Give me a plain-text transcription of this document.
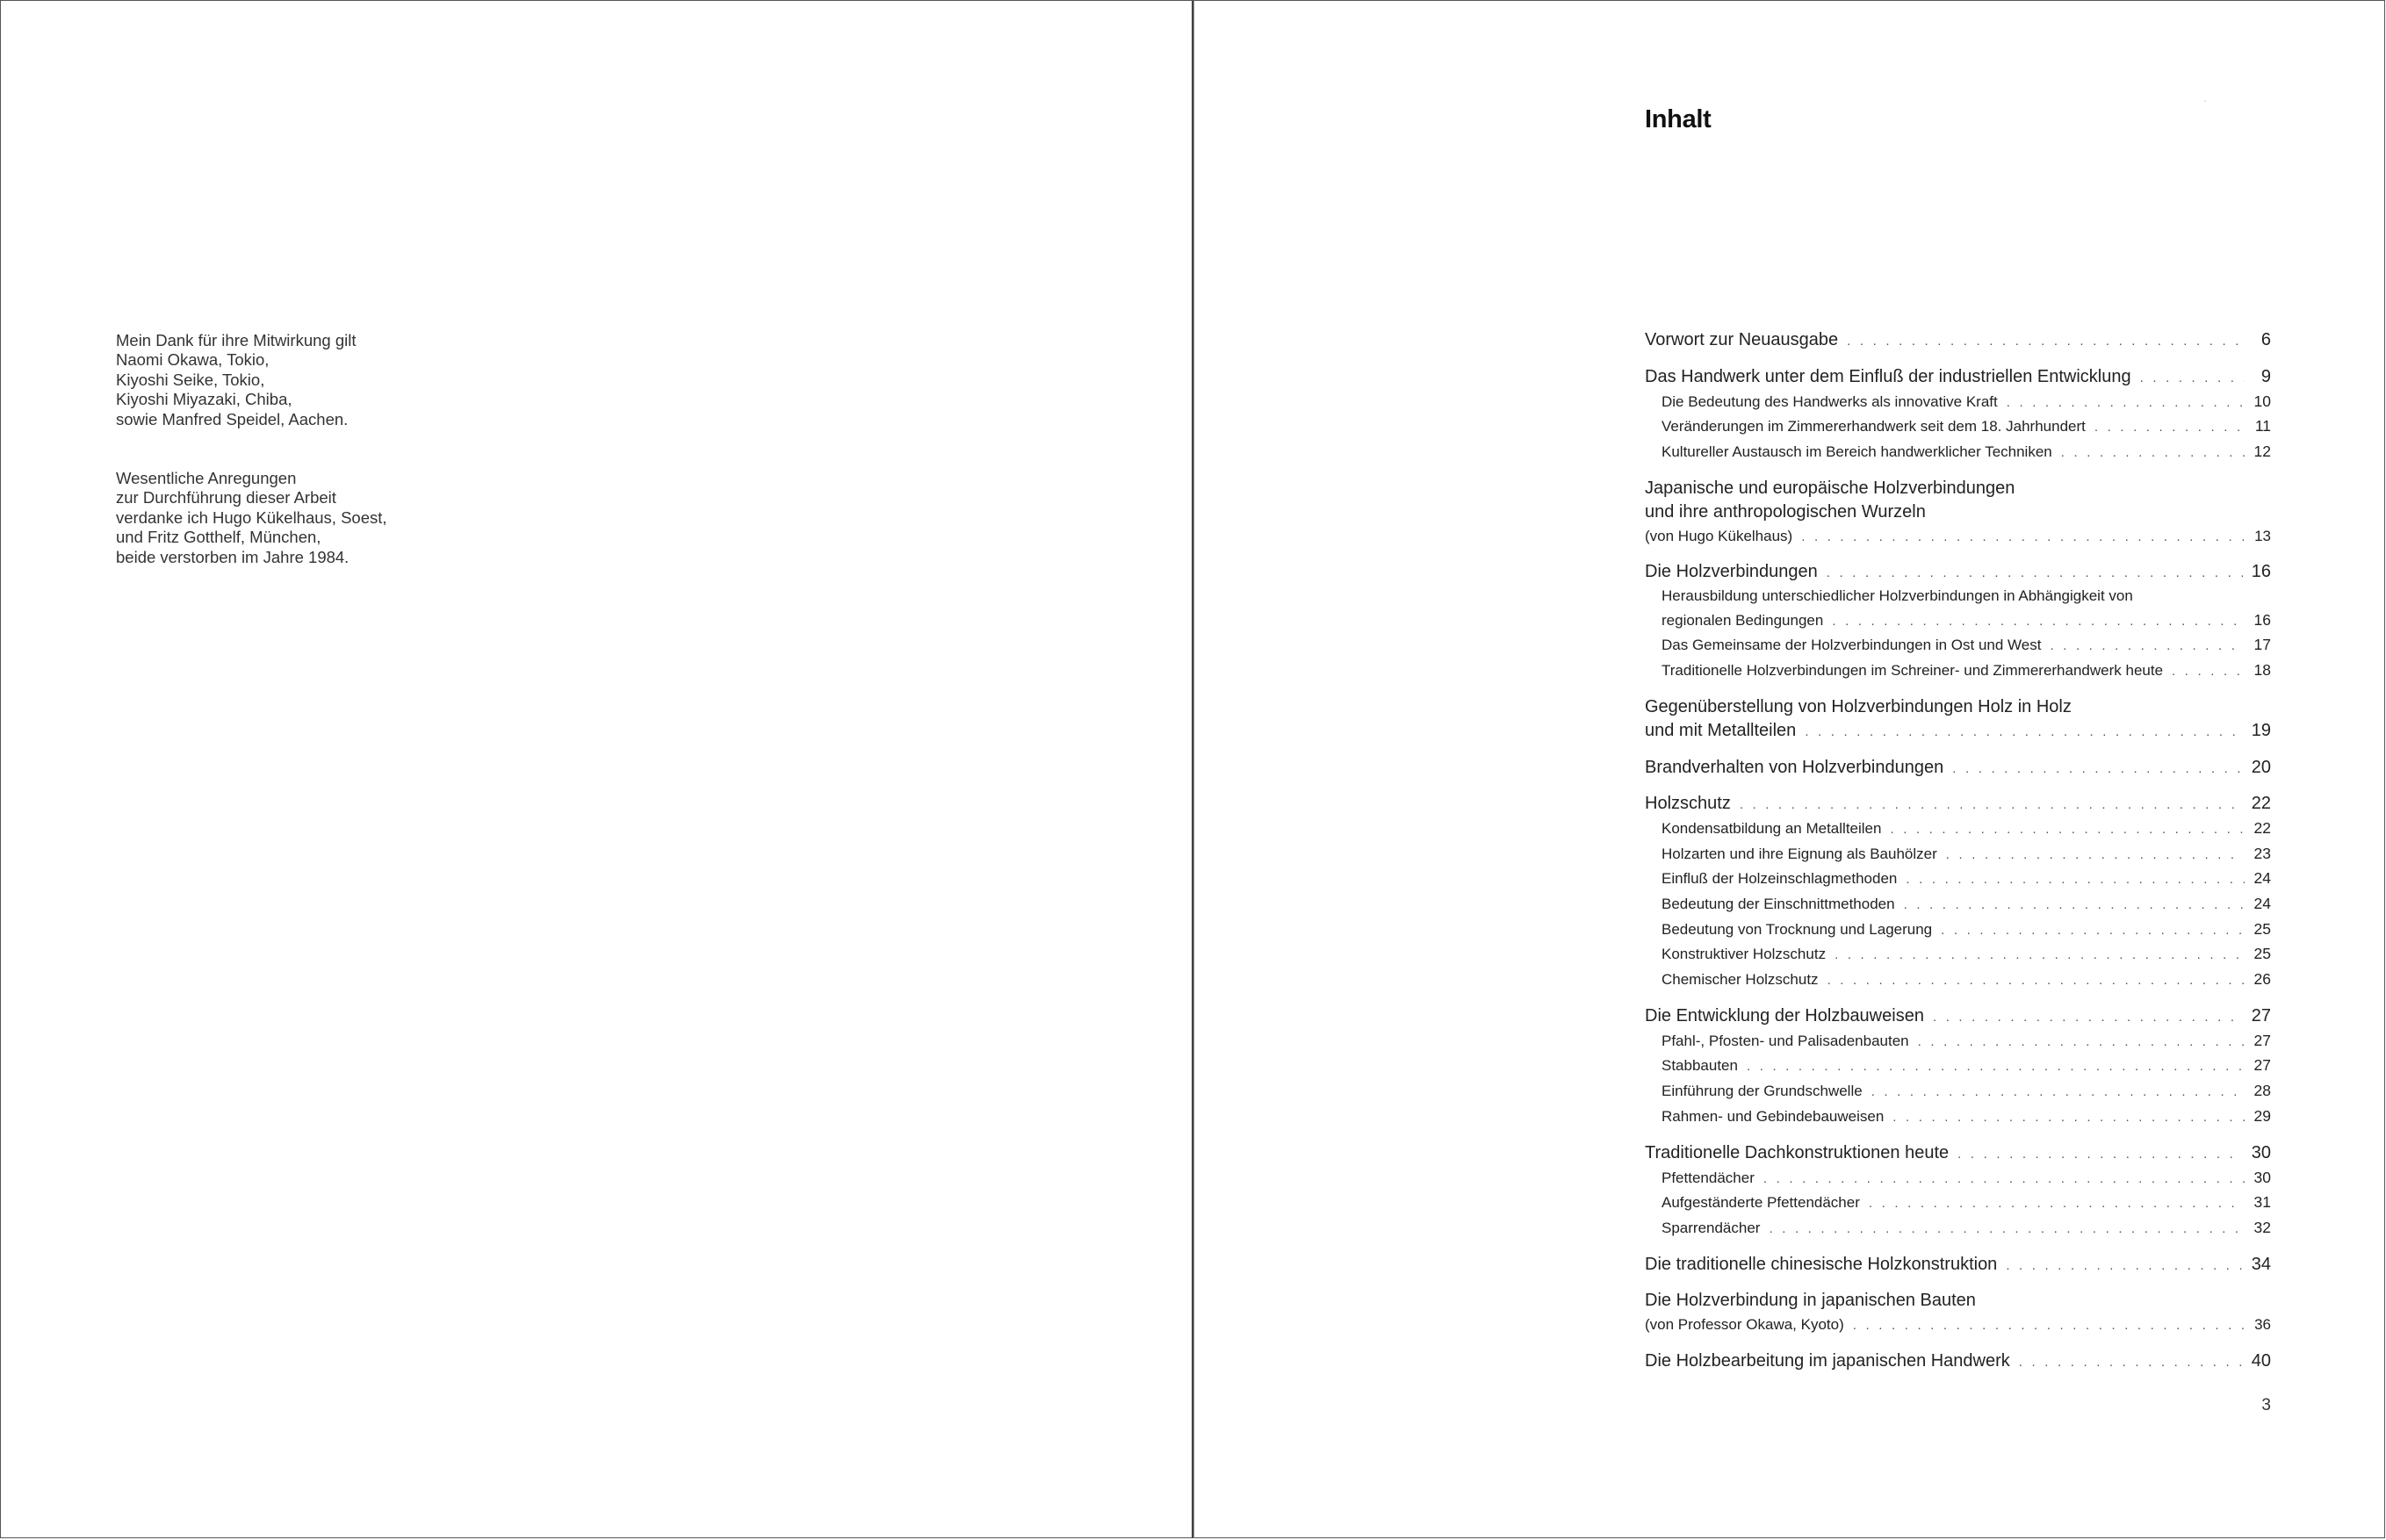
Mein Dank für ihre Mitwirkung gilt
Naomi Okawa, Tokio,
Kiyoshi Seike, Tokio,
Kiyoshi Miyazaki, Chiba,
sowie Manfred Speidel, Aachen.
Wesentliche Anregungen
zur Durchführung dieser Arbeit
verdanke ich Hugo Kükelhaus, Soest,
und Fritz Gotthelf, München,
beide verstorben im Jahre 1984.
Inhalt
Vorwort zur Neuausgabe . . .	6
Das Handwerk unter dem Einfluß der industriellen Entwicklung . . .	9
Die Bedeutung des Handwerks als innovative Kraft . . .	10
Veränderungen im Zimmererhandwerk seit dem 18. Jahrhundert . . .	11
Kultureller Austausch im Bereich handwerklicher Techniken . . .	12
Japanische und europäische Holzverbindungen
und ihre anthropologischen Wurzeln
(von Hugo Kükelhaus) . . .	13
Die Holzverbindungen . . .	16
Herausbildung unterschiedlicher Holzverbindungen in Abhängigkeit von
regionalen Bedingungen . . .	16
Das Gemeinsame der Holzverbindungen in Ost und West . . .	17
Traditionelle Holzverbindungen im Schreiner- und Zimmererhandwerk heute . . .	18
Gegenüberstellung von Holzverbindungen Holz in Holz
und mit Metallteilen . . .	19
Brandverhalten von Holzverbindungen . . .	20
Holzschutz . . .	22
Kondensatbildung an Metallteilen . . .	22
Holzarten und ihre Eignung als Bauhölzer . . .	23
Einfluß der Holzeinschlagmethoden . . .	24
Bedeutung der Einschnittmethoden . . .	24
Bedeutung von Trocknung und Lagerung . . .	25
Konstruktiver Holzschutz . . .	25
Chemischer Holzschutz . . .	26
Die Entwicklung der Holzbauweisen . . .	27
Pfahl-, Pfosten- und Palisadenbauten . . .	27
Stabbauten . . .	27
Einführung der Grundschwelle . . .	28
Rahmen- und Gebindebauweisen . . .	29
Traditionelle Dachkonstruktionen heute . . .	30
Pfettendächer . . .	30
Aufgeständerte Pfettendächer . . .	31
Sparrendächer . . .	32
Die traditionelle chinesische Holzkonstruktion . . .	34
Die Holzverbindung in japanischen Bauten
(von Professor Okawa, Kyoto) . . .	36
Die Holzbearbeitung im japanischen Handwerk . . .	40
3
